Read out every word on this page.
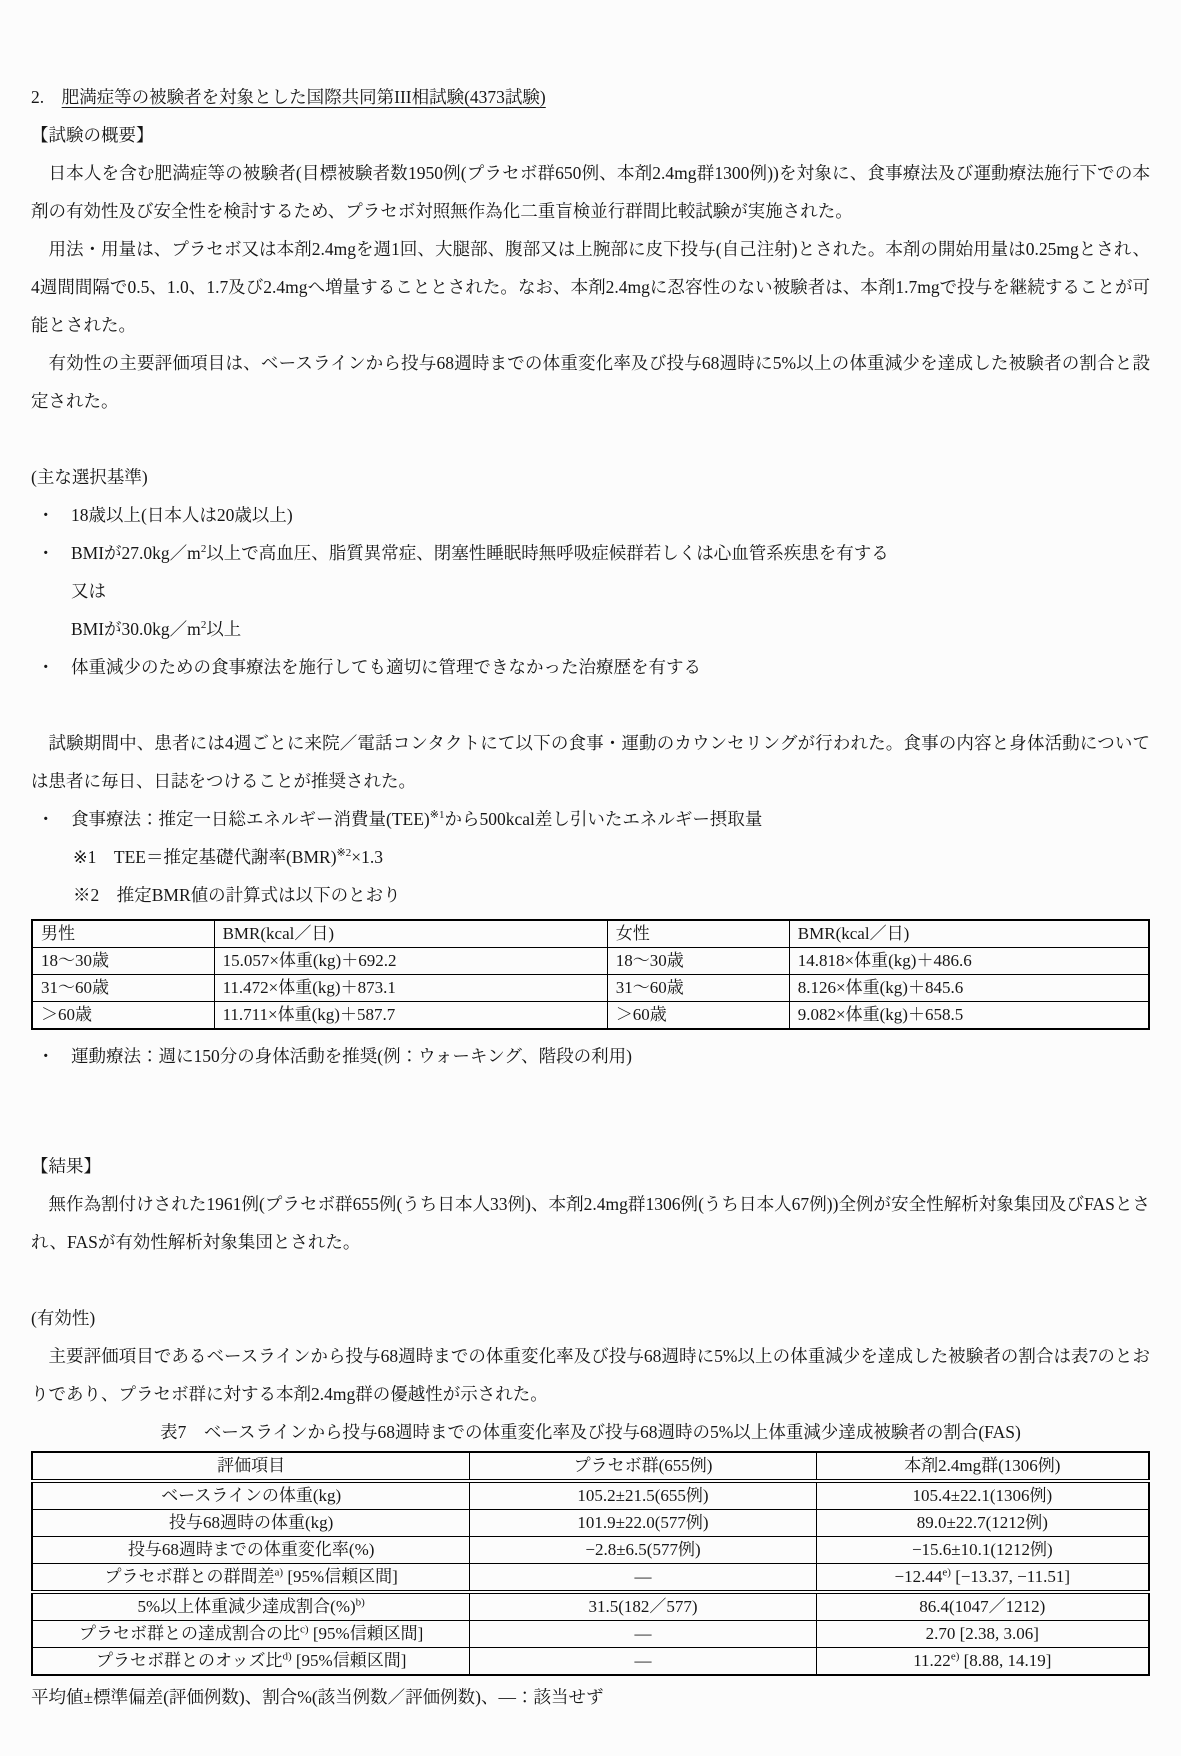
2.　肥満症等の被験者を対象とした国際共同第III相試験(4373試験)
【試験の概要】

日本人を含む肥満症等の被験者(目標被験者数1950例(プラセボ群650例、本剤2.4mg群1300例))を対象に、食事療法及び運動療法施行下での本剤の有効性及び安全性を検討するため、プラセボ対照無作為化二重盲検並行群間比較試験が実施された。

用法・用量は、プラセボ又は本剤2.4mgを週1回、大腿部、腹部又は上腕部に皮下投与(自己注射)とされた。本剤の開始用量は0.25mgとされ、4週間間隔で0.5、1.0、1.7及び2.4mgへ増量することとされた。なお、本剤2.4mgに忍容性のない被験者は、本剤1.7mgで投与を継続することが可能とされた。

有効性の主要評価項目は、ベースラインから投与68週時までの体重変化率及び投与68週時に5%以上の体重減少を達成した被験者の割合と設定された。

(主な選択基準)
・ 18歳以上(日本人は20歳以上)
・ BMIが$27.0kg/m^2$以上で高血圧、脂質異常症、閉塞性睡眠時無呼吸症候群若しくは心血管系疾患を有する
又は
BMIが$30.0kg/m^2$以上
・ 体重減少のための食事療法を施行しても適切に管理できなかった治療歴を有する

試験期間中、患者には4週ごとに来院／電話コンタクトにて以下の食事・運動のカウンセリングが行われた。食事の内容と身体活動については患者に毎日、日誌をつけることが推奨された。

・ 食事療法：推定一日総エネルギー消費量(TEE)$^{※1}$から500kcal差し引いたエネルギー摂取量
※1　TEE＝推定基礎代謝率(BMR)$^{※2}$×1.3
※2　推定BMR値の計算式は以下のとおり
男性	BMR(kcal／日)	女性	BMR(kcal／日)
18〜30歳	15.057×体重(kg)＋692.2	18〜30歳	14.818×体重(kg)＋486.6
31〜60歳	11.472×体重(kg)＋873.1	31〜60歳	8.126×体重(kg)＋845.6
＞60歳	11.711×体重(kg)＋587.7	＞60歳	9.082×体重(kg)＋658.5
・ 運動療法：週に150分の身体活動を推奨(例：ウォーキング、階段の利用)
【結果】

無作為割付けされた1961例(プラセボ群655例(うち日本人33例)、本剤2.4mg群1306例(うち日本人67例))全例が安全性解析対象集団及びFASとされ、FASが有効性解析対象集団とされた。

(有効性)

主要評価項目であるベースラインから投与68週時までの体重変化率及び投与68週時に5%以上の体重減少を達成した被験者の割合は表7のとおりであり、プラセボ群に対する本剤2.4mg群の優越性が示された。

表7　ベースラインから投与68週時までの体重変化率及び投与68週時の5%以上体重減少達成被験者の割合(FAS)
評価項目	プラセボ群(655例)	本剤2.4mg群(1306例)
ベースラインの体重(kg)	105.2±21.5(655例)	105.4±22.1(1306例)
投与68週時の体重(kg)	101.9±22.0(577例)	89.0±22.7(1212例)
投与68週時までの体重変化率(%)	−2.8±6.5(577例)	−15.6±10.1(1212例)
プラセボ群との群間差$^{a)}$ [95%信頼区間]	―	$-12.44^{e)}$ [−13.37, −11.51]
5%以上体重減少達成割合(%)$^{b)}$	31.5(182／577)	86.4(1047／1212)
プラセボ群との達成割合の比$^{c)}$ [95%信頼区間]	―	2.70 [2.38, 3.06]
プラセボ群とのオッズ比$^{d)}$ [95%信頼区間]	―	11.22$^{e)}$ [8.88, 14.19]
平均値±標準偏差(評価例数)、割合%(該当例数／評価例数)、―：該当せず
